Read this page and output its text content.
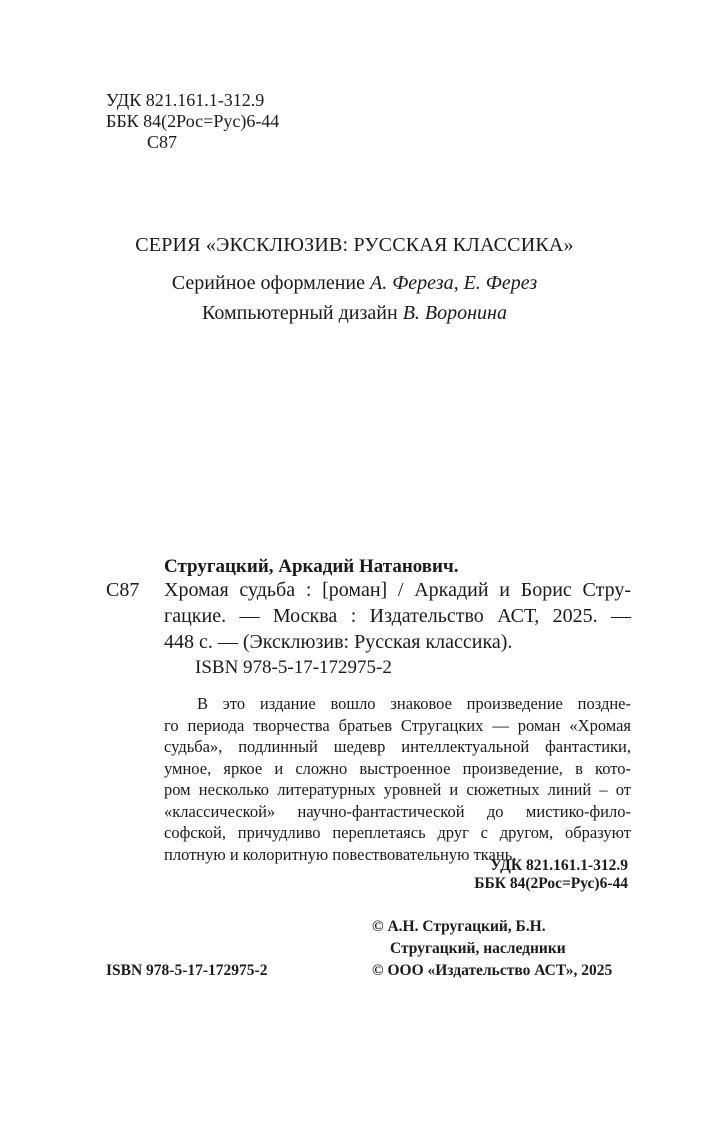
УДК 821.161.1-312.9
ББК 84(2Рос=Рус)6-44
С87
СЕРИЯ «ЭКСКЛЮЗИВ: РУССКАЯ КЛАССИКА»
Серийное оформление А. Фереза, Е. Ферез
Компьютерный дизайн В. Воронина
Стругацкий, Аркадий Натанович.
С87 Хромая судьба : [роман] / Аркадий и Борис Стру-
гацкие. — Москва : Издательство АСТ, 2025. —
448 с. — (Эксклюзив: Русская классика).
ISBN 978-5-17-172975-2
В это издание вошло знаковое произведение поздне-
го периода творчества братьев Стругацких — роман «Хромая
судьба», подлинный шедевр интеллектуальной фантастики,
умное, яркое и сложно выстроенное произведение, в кото-
ром несколько литературных уровней и сюжетных линий – от
«классической» научно-фантастической до мистико-фило-
софской, причудливо переплетаясь друг с другом, образуют
плотную и колоритную повествовательную ткань.
УДК 821.161.1-312.9
ББК 84(2Рос=Рус)6-44
© А.Н. Стругацкий, Б.Н.
Стругацкий, наследники
© ООО «Издательство АСТ», 2025
ISBN 978-5-17-172975-2
